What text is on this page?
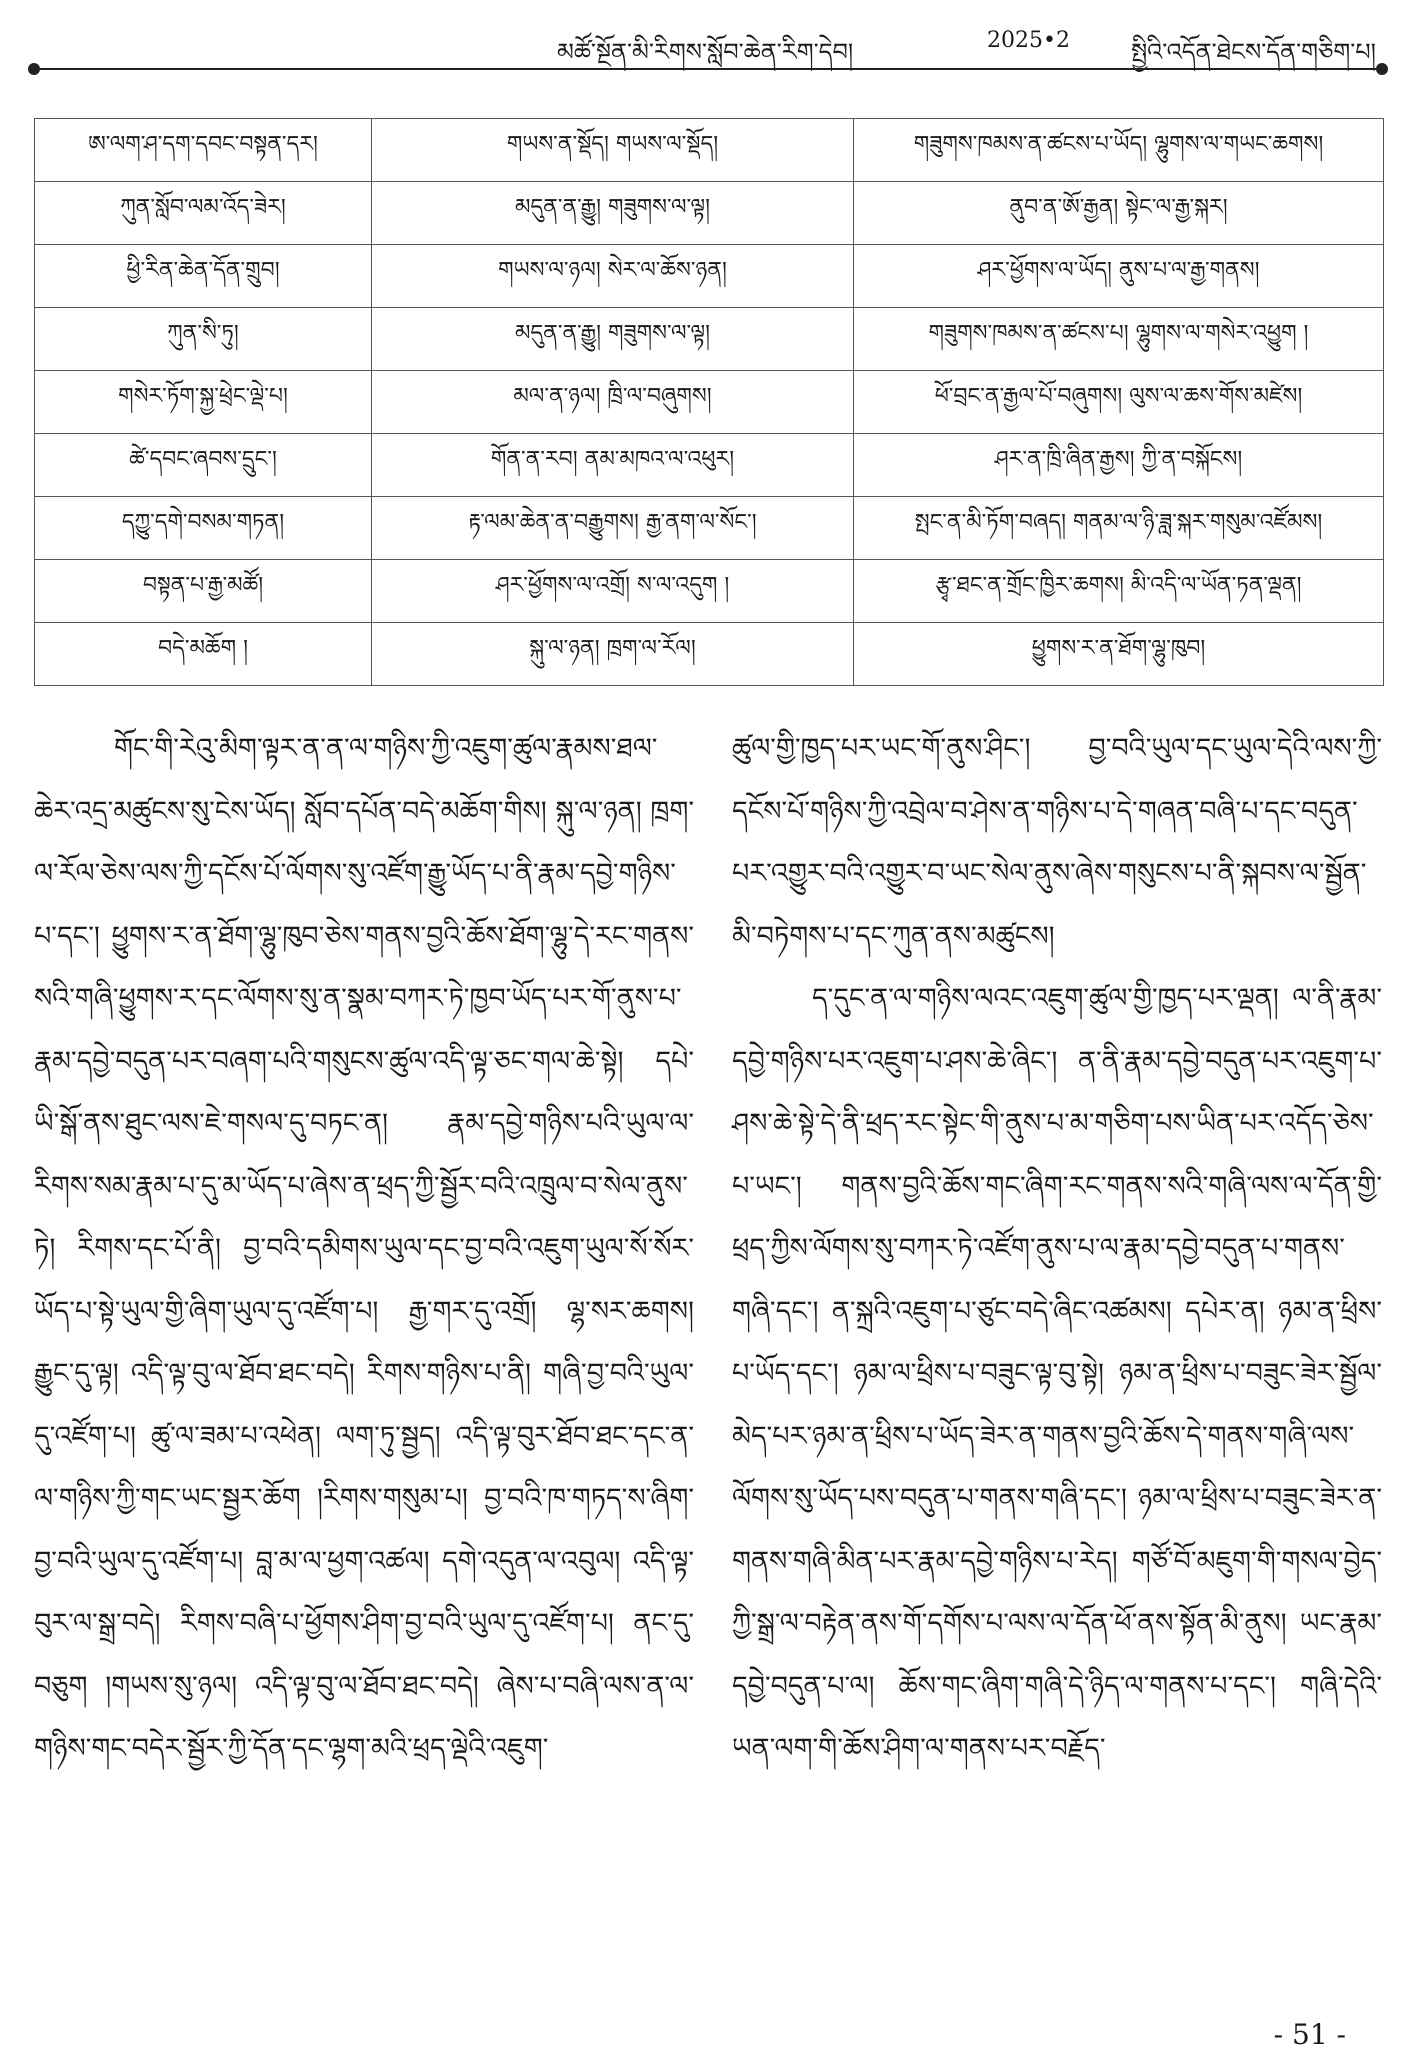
མཚོ་སྔོན་མི་རིགས་སློབ་ཆེན་རིག་དེབ།	2025•2	སྤྱིའི་འདོན་ཐེངས་དོན་གཅིག་པ།
ཨ་ལག་ཤ་དག་དབང་བསྟན་དར།	གཡས་ན་སྡོད། གཡས་ལ་སྡོད།	གཟུགས་ཁམས་ན་ཚངས་པ་ཡོད། ལྷུགས་ལ་གཡང་ཆགས།
ཀུན་སློབ་ལམ་འོད་ཟེར།	མདུན་ན་རྒྱུ། གཟུགས་ལ་ལྟ།	ནུབ་ན་ཨོ་རྒྱན། སྟེང་ལ་རྒྱ་སྐར།
ཕྱི་རིན་ཆེན་དོན་གྲུབ།	གཡས་ལ་ཉལ། སེར་ལ་ཆོས་ཉན།	ཤར་ཕྱོགས་ལ་ཡོད། ནུས་པ་ལ་རྒྱ་གནས།
ཀུན་སི་ཏུ།	མདུན་ན་རྒྱུ། གཟུགས་ལ་ལྟ།	གཟུགས་ཁམས་ན་ཚངས་པ། ལྷུགས་ལ་གསེར་འཕྱུག །
གསེར་ཏོག་སྐྱ་ཕྲེང་ལྡེ་པ།	མལ་ན་ཉལ། ཁྲི་ལ་བཞུགས།	ཕོ་བྲང་ན་རྒྱལ་པོ་བཞུགས། ལུས་ལ་ཆས་གོས་མཛེས།
ཚེ་དབང་ཞབས་དྲུང་།	གོན་ན་རབ། ནམ་མཁའ་ལ་འཕུར།	ཤར་ན་ཁྲི་ཞིན་རྒྱས། ཀྱི་ན་བསྐོངས།
དཀྱུ་དགེ་བསམ་གཏན།	རྟ་ལམ་ཆེན་ན་བརྒྱུགས། རྒྱ་ནག་ལ་སོང་།	སྤང་ན་མི་ཏོག་བཞད། གནམ་ལ་ཉི་ཟླ་སྐར་གསུམ་འཛོམས།
བསྟན་པ་རྒྱ་མཚོ།	ཤར་ཕྱོགས་ལ་འགྲོ། ས་ལ་འདུག །	རྩྭ་ཐང་ན་གྲོང་ཁྱིར་ཆགས། མི་འདི་ལ་ཡོན་ཏན་ལྡན།
བདེ་མཆོག །	སྐུ་ལ་ཉན། ཁྲག་ལ་རོལ།	ཕྱུགས་ར་ན་ཐོག་ལྷུ་ཁུབ།

གོང་གི་རེའུ་མིག་ལྟར་ན་ན་ལ་གཉིས་ཀྱི་འཇུག་ཚུལ་རྣམས་ཐལ་ཆེར་འདྲ་མཚུངས་སུ་ངེས་ཡོད། སློབ་དཔོན་བདེ་མཆོག་གིས། སྐུ་ལ་ཉན། ཁྲག་ལ་རོལ་ཅེས་ལས་ཀྱི་དངོས་པོ་ལོགས་སུ་འཛོག་རྒྱུ་ཡོད་པ་ནི་རྣམ་དབྱེ་གཉིས་པ་དང་། ཕྱུགས་ར་ན་ཐོག་ལྷུ་ཁུབ་ཅེས་གནས་བྱའི་ཆོས་ཐོག་ལྷུ་དེ་རང་གནས་སའི་གཞི་ཕྱུགས་ར་དང་ལོགས་སུ་ན་སྣམ་བཀར་ཏེ་ཁྱབ་ཡོད་པར་གོ་ནུས་པ་རྣམ་དབྱེ་བདུན་པར་བཞག་པའི་གསུངས་ཚུལ་འདི་ལྟ་ཅང་གལ་ཆེ་སྟེ། དཔེ་ཡི་སྒོ་ནས་ཐུང་ལས་ཇེ་གསལ་དུ་བཏང་ན། རྣམ་དབྱེ་གཉིས་པའི་ཡུལ་ལ་རིགས་སམ་རྣམ་པ་དུ་མ་ཡོད་པ་ཞེས་ན་ཕྲད་ཀྱི་སྦྱོར་བའི་འཁྲུལ་བ་སེལ་ནུས་ཏེ། རིགས་དང་པོ་ནི། བྱ་བའི་དམིགས་ཡུལ་དང་བྱ་བའི་འཇུག་ཡུལ་སོ་སོར་ཡོད་པ་སྟེ་ཡུལ་གྱི་ཞིག་ཡུལ་དུ་འཛོག་པ། རྒྱ་གར་དུ་འགྲོ། ལྷ་སར་ཆགས། རྒྱུང་དུ་ལྟ། འདི་ལྟ་བུ་ལ་ཐོབ་ཐང་བདེ། རིགས་གཉིས་པ་ནི། གཞི་བྱ་བའི་ཡུལ་དུ་འཛོག་པ། ཚུ་ལ་ཟམ་པ་འཕེན། ལག་ཏུ་སྦྱད། འདི་ལྟ་བུར་ཐོབ་ཐང་དང་ན་ལ་གཉིས་ཀྱི་གང་ཡང་སྦྱར་ཆོག །རིགས་གསུམ་པ། བྱ་བའི་ཁ་གཏད་ས་ཞིག་བྱ་བའི་ཡུལ་དུ་འཛོག་པ། བླ་མ་ལ་ཕྱག་འཚལ། དགེ་འདུན་ལ་འབུལ། འདི་ལྟ་བུར་ལ་སྒྲ་བདེ། རིགས་བཞི་པ་ཕྱོགས་ཤིག་བྱ་བའི་ཡུལ་དུ་འཛོག་པ། ནང་དུ་བཅུག །གཡས་སུ་ཉལ། འདི་ལྟ་བུ་ལ་ཐོབ་ཐང་བདེ། ཞེས་པ་བཞི་ལས་ན་ལ་གཉིས་གང་བདེར་སྦྱོར་ཀྱི་དོན་དང་ལྷག་མའི་ཕྲད་ལྡེའི་འཇུག་

ཚུལ་གྱི་ཁྱད་པར་ཡང་གོ་ནུས་ཤིང་། བྱ་བའི་ཡུལ་དང་ཡུལ་དེའི་ལས་ཀྱི་དངོས་པོ་གཉིས་ཀྱི་འབྲེལ་བ་ཤེས་ན་གཉིས་པ་དེ་གཞན་བཞི་པ་དང་བདུན་པར་འགྱུར་བའི་འགྱུར་བ་ཡང་སེལ་ནུས་ཞེས་གསུངས་པ་ནི་སྐབས་ལ་སྦྱོན་མི་བཏེགས་པ་དང་ཀུན་ནས་མཚུངས།

ད་དུང་ན་ལ་གཉིས་ལའང་འཇུག་ཚུལ་གྱི་ཁྱད་པར་ལྡན། ལ་ནི་རྣམ་དབྱེ་གཉིས་པར་འཇུག་པ་ཤས་ཆེ་ཞིང་། ན་ནི་རྣམ་དབྱེ་བདུན་པར་འཇུག་པ་ཤས་ཆེ་སྟེ་དེ་ནི་ཕྲད་རང་སྟེང་གི་ནུས་པ་མ་གཅིག་པས་ཡིན་པར་འདོད་ཅེས་པ་ཡང་། གནས་བྱའི་ཆོས་གང་ཞིག་རང་གནས་སའི་གཞི་ལས་ལ་དོན་གྱི་ཕྲད་ཀྱིས་ལོགས་སུ་བཀར་ཏེ་འཛོག་ནུས་པ་ལ་རྣམ་དབྱེ་བདུན་པ་གནས་གཞི་དང་། ན་སྐྲའི་འཇུག་པ་ཙུང་བདེ་ཞིང་འཚམས། དཔེར་ན། ཉམ་ན་ཕྲིས་པ་ཡོད་དང་། ཉམ་ལ་ཕྲིས་པ་བཟུང་ལྟ་བུ་སྟེ། ཉམ་ན་ཕྲིས་པ་བཟུང་ཟེར་སྦྱོལ་མེད་པར་ཉམ་ན་ཕྲིས་པ་ཡོད་ཟེར་ན་གནས་བྱའི་ཆོས་དེ་གནས་གཞི་ལས་ལོགས་སུ་ཡོད་པས་བདུན་པ་གནས་གཞི་དང་། ཉམ་ལ་ཕྲིས་པ་བཟུང་ཟེར་ན་གནས་གཞི་མིན་པར་རྣམ་དབྱེ་གཉིས་པ་རེད། གཙོ་བོ་མཇུག་གི་གསལ་བྱེད་ཀྱི་སྒྲ་ལ་བརྟེན་ནས་གོ་དགོས་པ་ལས་ལ་དོན་ཕོ་ནས་སྟོན་མི་ནུས། ཡང་རྣམ་དབྱེ་བདུན་པ་ལ། ཆོས་གང་ཞིག་གཞི་དེ་ཉིད་ལ་གནས་པ་དང་། གཞི་དེའི་ཡན་ལག་གི་ཆོས་ཤིག་ལ་གནས་པར་བརྗོད་

- 51 -
